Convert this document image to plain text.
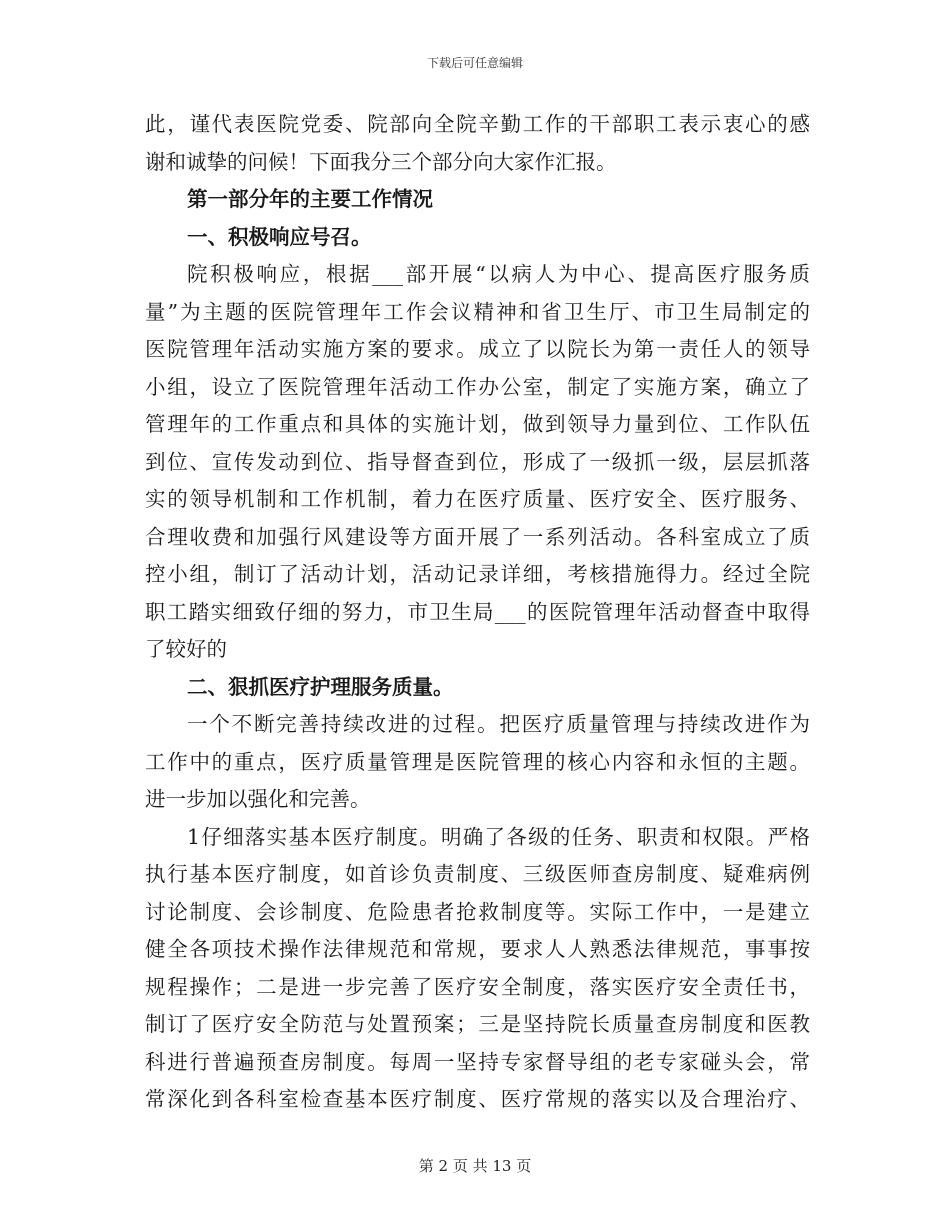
下载后可任意编辑
此，谨代表医院党委、院部向全院辛勤工作的干部职工表示衷心的感
谢和诚挚的问候！下面我分三个部分向大家作汇报。
第一部分年的主要工作情况
一、积极响应号召。
院积极响应，根据___部开展“以病人为中心、提高医疗服务质
量”为主题的医院管理年工作会议精神和省卫生厅、市卫生局制定的
医院管理年活动实施方案的要求。成立了以院长为第一责任人的领导
小组，设立了医院管理年活动工作办公室，制定了实施方案，确立了
管理年的工作重点和具体的实施计划，做到领导力量到位、工作队伍
到位、宣传发动到位、指导督查到位，形成了一级抓一级，层层抓落
实的领导机制和工作机制，着力在医疗质量、医疗安全、医疗服务、
合理收费和加强行风建设等方面开展了一系列活动。各科室成立了质
控小组，制订了活动计划，活动记录详细，考核措施得力。经过全院
职工踏实细致仔细的努力，市卫生局___的医院管理年活动督查中取得
了较好的
二、狠抓医疗护理服务质量。
一个不断完善持续改进的过程。把医疗质量管理与持续改进作为
工作中的重点，医疗质量管理是医院管理的核心内容和永恒的主题。
进一步加以强化和完善。
1仔细落实基本医疗制度。明确了各级的任务、职责和权限。严格
执行基本医疗制度，如首诊负责制度、三级医师查房制度、疑难病例
讨论制度、会诊制度、危险患者抢救制度等。实际工作中，一是建立
健全各项技术操作法律规范和常规，要求人人熟悉法律规范，事事按
规程操作；二是进一步完善了医疗安全制度，落实医疗安全责任书，
制订了医疗安全防范与处置预案；三是坚持院长质量查房制度和医教
科进行普遍预查房制度。每周一坚持专家督导组的老专家碰头会，常
常深化到各科室检查基本医疗制度、医疗常规的落实以及合理治疗、
第 2 页 共 13 页
